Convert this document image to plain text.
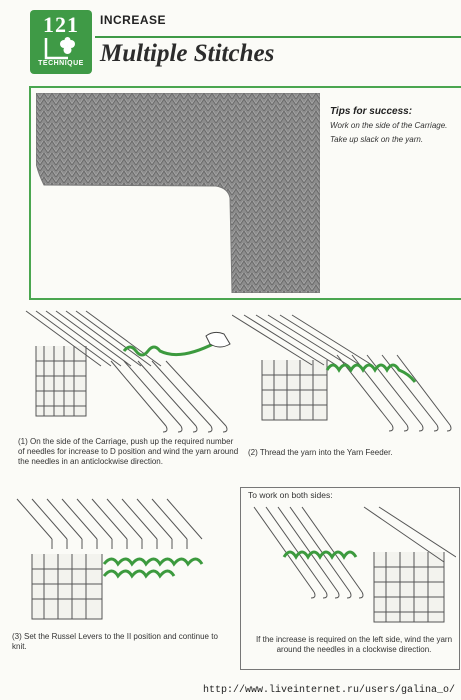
121
TECHNIQUE
INCREASE
Multiple Stitches
Tips for success:
Work on the side of the Carriage.
Take up slack on the yarn.
(1) On the side of the Carriage, push up the required number of needles for increase to D position and wind the yarn around the needles in an anticlockwise direction.
(2) Thread the yarn into the Yarn Feeder.
(3) Set the Russel Levers to the II position and continue to knit.
To work on both sides:
If the increase is required on the left side, wind the yarn around the needles in a clockwise direction.
http://www.liveinternet.ru/users/galina_o/
